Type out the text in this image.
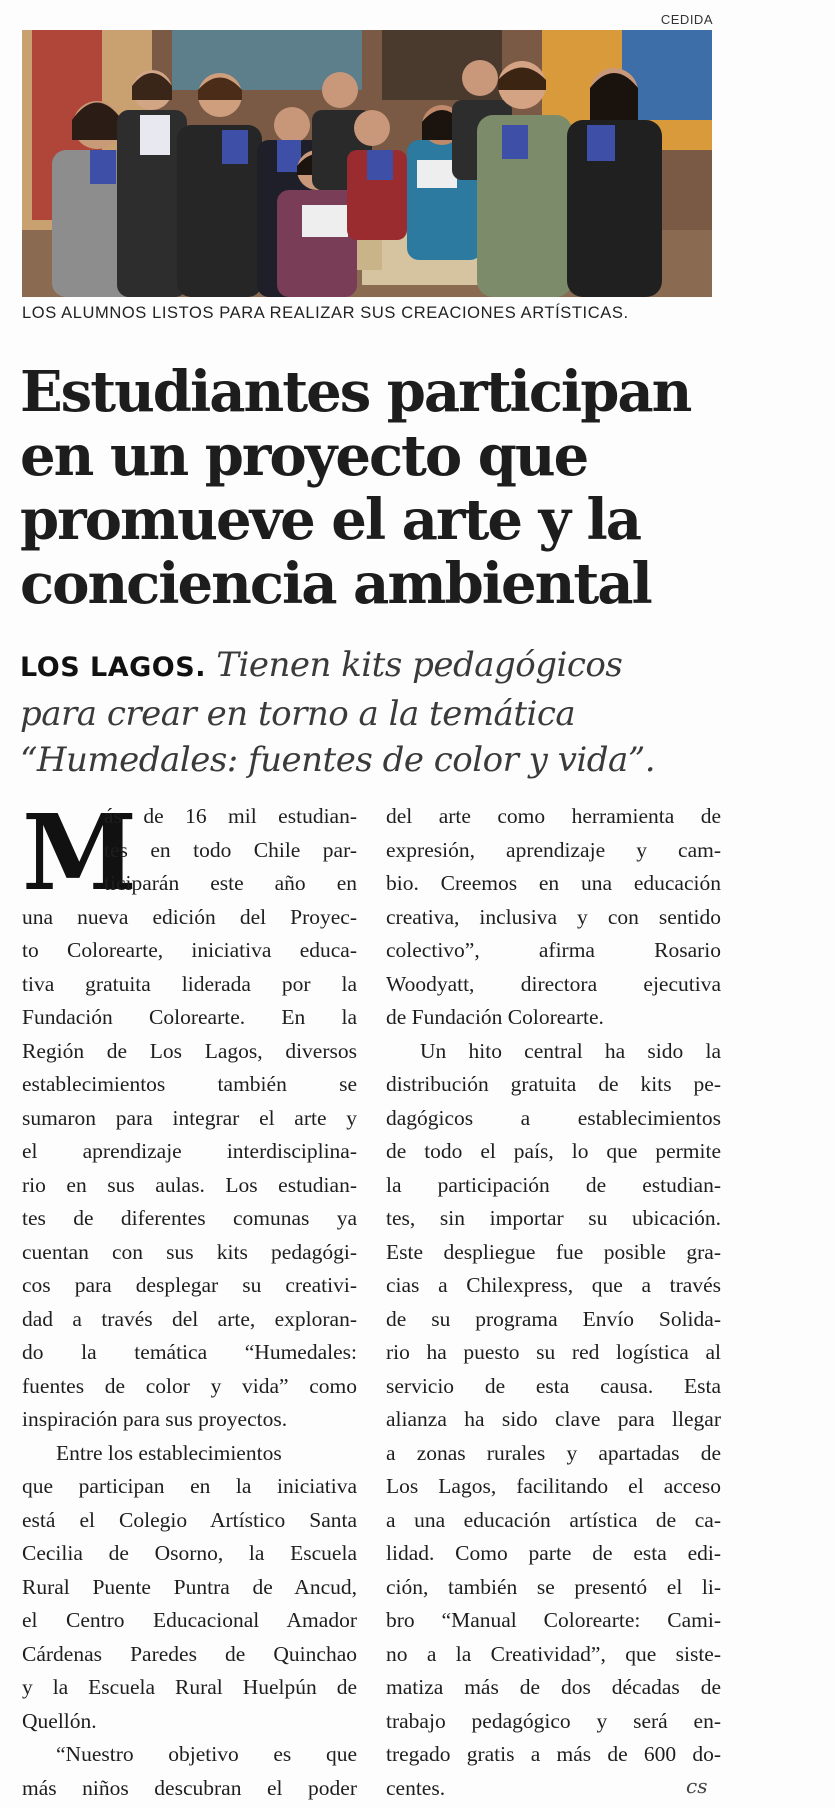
CEDIDA
LOS ALUMNOS LISTOS PARA REALIZAR SUS CREACIONES ARTÍSTICAS.
Estudiantes participan
en un proyecto que
promueve el arte y la
conciencia ambiental
LOS LAGOS. Tienen kits pedagógicos
para crear en torno a la temática
“Humedales: fuentes de color y vida”.
M
ás de 16 mil estudian-
tes en todo Chile par-
ticiparán este año en
una nueva edición del Proyec-
to Colorearte, iniciativa educa-
tiva gratuita liderada por la
Fundación Colorearte. En la
Región de Los Lagos, diversos
establecimientos también se
sumaron para integrar el arte y
el aprendizaje interdisciplina-
rio en sus aulas. Los estudian-
tes de diferentes comunas ya
cuentan con sus kits pedagógi-
cos para desplegar su creativi-
dad a través del arte, exploran-
do la temática “Humedales:
fuentes de color y vida” como
inspiración para sus proyectos.
Entre los establecimientos
que participan en la iniciativa
está el Colegio Artístico Santa
Cecilia de Osorno, la Escuela
Rural Puente Puntra de Ancud,
el Centro Educacional Amador
Cárdenas Paredes de Quinchao
y la Escuela Rural Huelpún de
Quellón.
“Nuestro objetivo es que
más niños descubran el poder
del arte como herramienta de
expresión, aprendizaje y cam-
bio. Creemos en una educación
creativa, inclusiva y con sentido
colectivo”, afirma Rosario
Woodyatt, directora ejecutiva
de Fundación Colorearte.
Un hito central ha sido la
distribución gratuita de kits pe-
dagógicos a establecimientos
de todo el país, lo que permite
la participación de estudian-
tes, sin importar su ubicación.
Este despliegue fue posible gra-
cias a Chilexpress, que a través
de su programa Envío Solida-
rio ha puesto su red logística al
servicio de esta causa. Esta
alianza ha sido clave para llegar
a zonas rurales y apartadas de
Los Lagos, facilitando el acceso
a una educación artística de ca-
lidad. Como parte de esta edi-
ción, también se presentó el li-
bro “Manual Colorearte: Cami-
no a la Creatividad”, que siste-
matiza más de dos décadas de
trabajo pedagógico y será en-
tregado gratis a más de 600 do-
centes.	cs
